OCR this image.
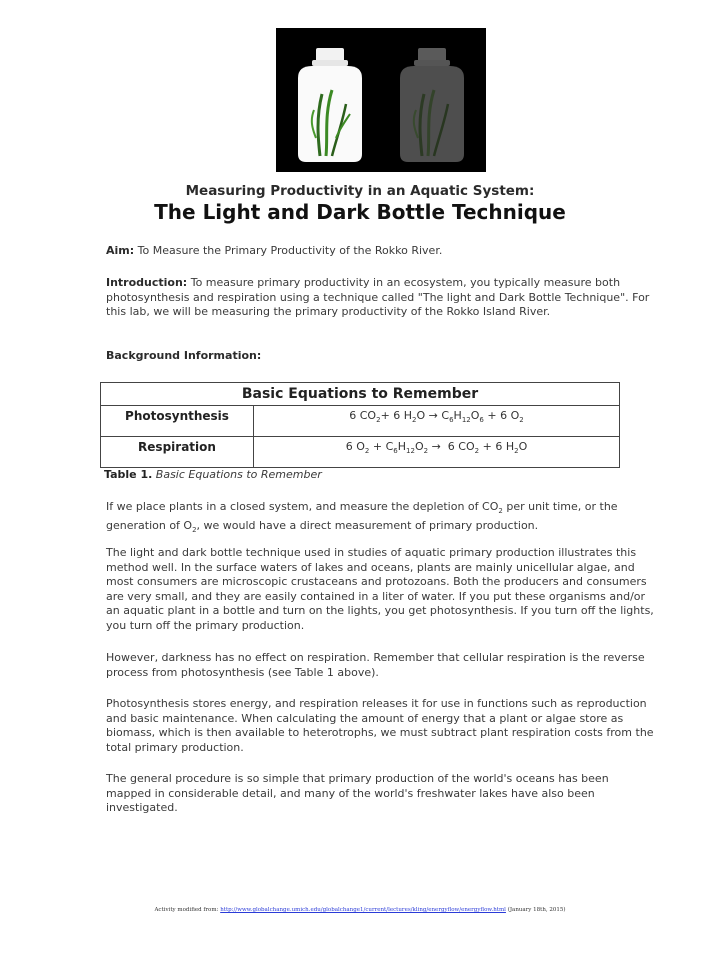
Measuring Productivity in an Aquatic System:
The Light and Dark Bottle Technique
Aim: To Measure the Primary Productivity of the Rokko River.
Introduction: To measure primary productivity in an ecosystem, you typically measure both photosynthesis and respiration using a technique called "The light and Dark Bottle Technique". For this lab, we will be measuring the primary productivity of the Rokko Island River.
Background Information:
Basic Equations to Remember	
Photosynthesis	6 $CO_2+ 6$ $H_2O \to C_6H_{12}O_6 + 6$ $O_2$
Respiration	6 $O_2 + C_6H_{12}O_2 \to 6$ $CO_2 + 6$ $H_2O$
Table 1. Basic Equations to Remember
If we place plants in a closed system, and measure the depletion of $CO_2$ per unit time, or the generation of $O_2$, we would have a direct measurement of primary production.
The light and dark bottle technique used in studies of aquatic primary production illustrates this method well. In the surface waters of lakes and oceans, plants are mainly unicellular algae, and most consumers are microscopic crustaceans and protozoans. Both the producers and consumers are very small, and they are easily contained in a liter of water. If you put these organisms and/or an aquatic plant in a bottle and turn on the lights, you get photosynthesis. If you turn off the lights, you turn off the primary production.
However, darkness has no effect on respiration. Remember that cellular respiration is the reverse process from photosynthesis (see Table 1 above).
Photosynthesis stores energy, and respiration releases it for use in functions such as reproduction and basic maintenance. When calculating the amount of energy that a plant or algae store as biomass, which is then available to heterotrophs, we must subtract plant respiration costs from the total primary production.
The general procedure is so simple that primary production of the world's oceans has been mapped in considerable detail, and many of the world's freshwater lakes have also been investigated.
Activity modified from: http://www.globalchange.umich.edu/globalchange1/current/lectures/kling/energyflow/energyflow.html (January 18th, 2015)
